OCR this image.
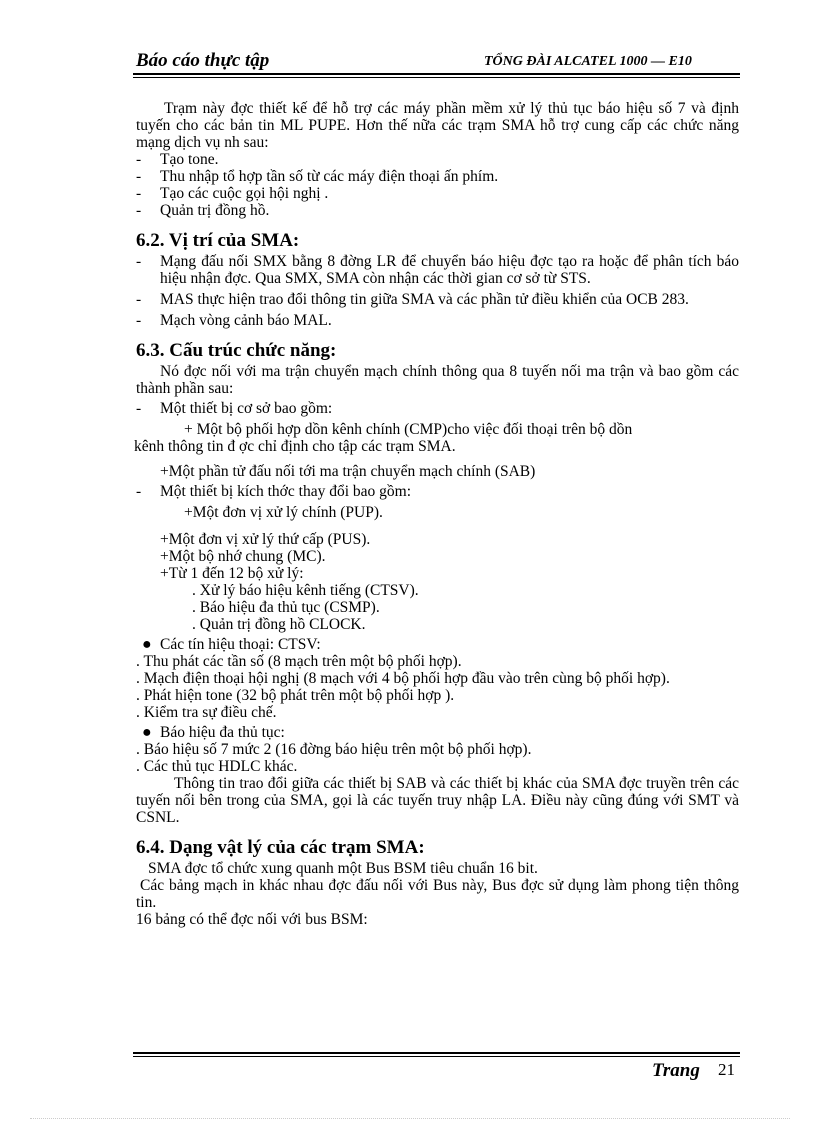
Báo cáo thực tập	TỔNG ĐÀI ALCATEL 1000 — E10

Trạm này đợc thiết kế để hỗ trợ các máy phần mềm xử lý thủ tục báo hiệu số 7 và định tuyến cho các bản tin ML PUPE. Hơn thế nữa các trạm SMA hỗ trợ cung cấp các chức năng mạng dịch vụ nh sau:

-	Tạo tone.
-	Thu nhập tổ hợp tần số từ các máy điện thoại ấn phím.
-	Tạo các cuộc gọi hội nghị .
-	Quản trị đồng hồ.
6.2. Vị trí của SMA:
-	Mạng đấu nối SMX bằng 8 đờng LR để chuyển báo hiệu đợc tạo ra hoặc để phân tích báo hiệu nhận đợc. Qua SMX, SMA còn nhận các thời gian cơ sở từ STS.
-	MAS thực hiện trao đổi thông tin giữa SMA và các phần tử điều khiển của OCB 283.
-	Mạch vòng cảnh báo MAL.
6.3. Cấu trúc chức năng:

Nó đợc nối với ma trận chuyển mạch chính thông qua 8 tuyến nối ma trận và bao gồm các thành phần sau:

-	Một thiết bị cơ sở bao gồm:

+ Một bộ phối hợp dồn kênh chính (CMP)cho việc đối thoại trên bộ dồn

kênh thông tin đ ợc chỉ định cho tập các trạm SMA.

+Một phần tử đấu nối tới ma trận chuyển mạch chính (SAB)

-	Một thiết bị kích thớc thay đổi bao gồm:

+Một đơn vị xử lý chính (PUP).

+Một đơn vị xử lý thứ cấp (PUS).

+Một bộ nhớ chung (MC).

+Từ 1 đến 12 bộ xử lý:

. Xử lý báo hiệu kênh tiếng (CTSV).

. Báo hiệu đa thủ tục (CSMP).

. Quản trị đồng hồ CLOCK.

● Các tín hiệu thoại: CTSV:

. Thu phát các tần số (8 mạch trên một bộ phối hợp).

. Mạch điện thoại hội nghị (8 mạch với 4 bộ phối hợp đầu vào trên cùng bộ phối hợp).

. Phát hiện tone (32 bộ phát trên một bộ phối hợp ).

. Kiểm tra sự điều chế.

● Báo hiệu đa thủ tục:

. Báo hiệu số 7 mức 2 (16 đờng báo hiệu trên một bộ phối hợp).

. Các thủ tục HDLC khác.

Thông tin trao đổi giữa các thiết bị SAB và các thiết bị khác của SMA đợc truyền trên các tuyến nối bên trong của SMA, gọi là các tuyến truy nhập LA. Điều này cũng đúng với SMT và CSNL.

6.4. Dạng vật lý của các trạm SMA:

SMA đợc tổ chức xung quanh một Bus BSM tiêu chuẩn 16 bit.

Các bảng mạch in khác nhau đợc đấu nối với Bus này, Bus đợc sử dụng làm phong tiện thông tin.

16 bảng có thể đợc nối với bus BSM:

Trang 21
